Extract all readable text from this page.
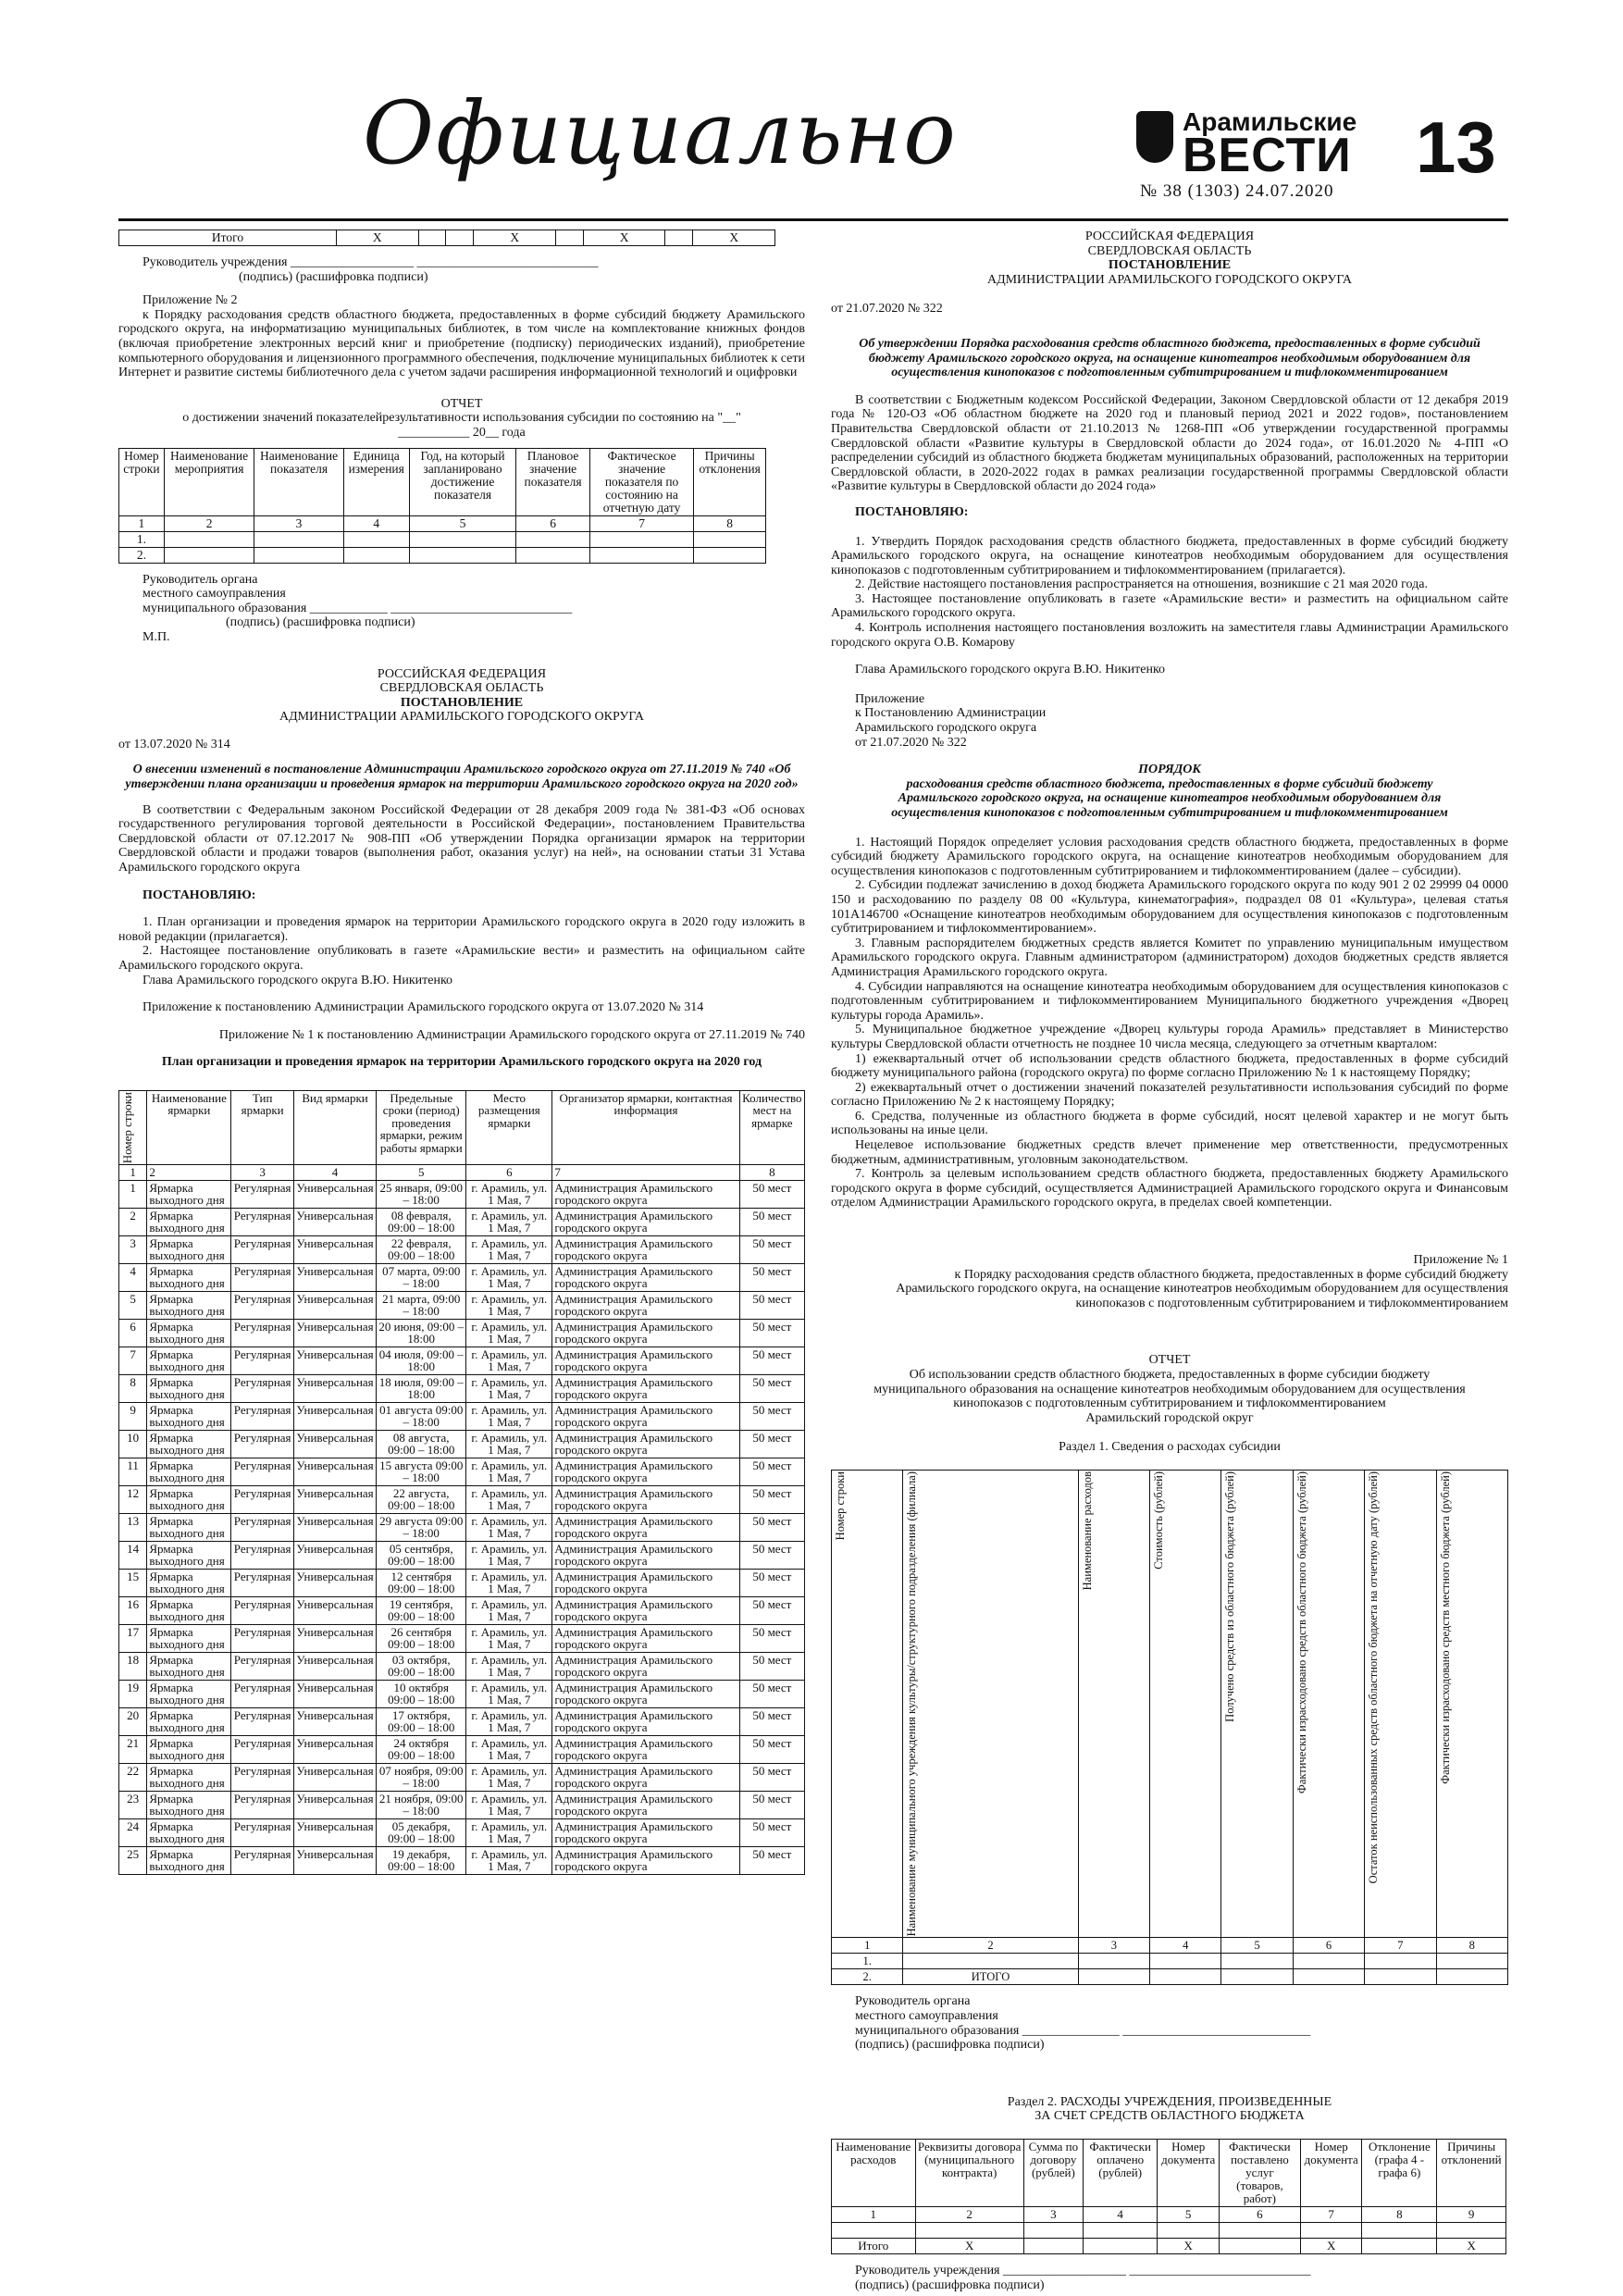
Официально	Арамильские
ВЕСТИ
№ 38 (1303) 24.07.2020
13
Итого	X			X		X		X

Руководитель учреждения ___________________ ____________________________

(подпись) (расшифровка подписи)

Приложение № 2

к Порядку расходования средств областного бюджета, предоставленных в форме субсидий бюджету Арамильского городского округа, на информатизацию муниципальных библиотек, в том числе на комплектование книжных фондов (включая приобретение электронных версий книг и приобретение (подписку) периодических изданий), приобретение компьютерного оборудования и лицензионного программного обеспечения, подключение муниципальных библиотек к сети Интернет и развитие системы библиотечного дела с учетом задачи расширения информационной технологий и оцифровки

ОТЧЕТ

о достижении значений показателейрезультативности использования субсидии по состоянию на "__"

___________ 20__ года

Номер строки	Наименование мероприятия	Наименование показателя	Единица измерения	Год, на который запланировано достижение показателя	Плановое значение показателя	Фактическое значение показателя по состоянию на отчетную дату	Причины отклонения
1	2	3	4	5	6	7	8
1.							
2.							

Руководитель органа

местного самоуправления

муниципального образования ____________ ____________________________

(подпись) (расшифровка подписи)

М.П.

РОССИЙСКАЯ ФЕДЕРАЦИЯ

СВЕРДЛОВСКАЯ ОБЛАСТЬ

ПОСТАНОВЛЕНИЕ

АДМИНИСТРАЦИИ АРАМИЛЬСКОГО ГОРОДСКОГО ОКРУГА

от 13.07.2020 № 314

О внесении изменений в постановление Администрации Арамильского городского округа от 27.11.2019 № 740 «Об утверждении плана организации и проведения ярмарок на территории Арамильского городского округа на 2020 год»

В соответствии с Федеральным законом Российской Федерации от 28 декабря 2009 года № 381-ФЗ «Об основах государственного регулирования торговой деятельности в Российской Федерации», постановлением Правительства Свердловской области от 07.12.2017№ 908-ПП «Об утверждении Порядка организации ярмарок на территории Свердловской области и продажи товаров (выполнения работ, оказания услуг) на ней», на основании статьи 31 Устава Арамильского городского округа

ПОСТАНОВЛЯЮ:

1. План организации и проведения ярмарок на территории Арамильского городского округа в 2020 году изложить в новой редакции (прилагается).

2. Настоящее постановление опубликовать в газете «Арамильские вести» и разместить на официальном сайте Арамильского городского округа.

Глава Арамильского городского округа В.Ю. Никитенко

Приложение к постановлению Администрации Арамильского городского округа от 13.07.2020 № 314

Приложение № 1 к постановлению Администрации Арамильского городского округа от 27.11.2019 № 740

План организации и проведения ярмарок на территории Арамильского городского округа на 2020 год

Номер строки	Наименование ярмарки	Тип ярмарки	Вид ярмарки	Предельные сроки (период) проведения ярмарки, режим работы ярмарки	Место размещения ярмарки	Организатор ярмарки, контактная информация	Количество мест на ярмарке
1	2	3	4	5	6	7	8
1	Ярмарка выходного дня	Регулярная	Универсальная	25 января, 09:00 – 18:00	г. Арамиль, ул. 1 Мая, 7	Администрация Арамильского городского округа	50 мест
2	Ярмарка выходного дня	Регулярная	Универсальная	08 февраля, 09:00 – 18:00	г. Арамиль, ул. 1 Мая, 7	Администрация Арамильского городского округа	50 мест
3	Ярмарка выходного дня	Регулярная	Универсальная	22 февраля, 09:00 – 18:00	г. Арамиль, ул. 1 Мая, 7	Администрация Арамильского городского округа	50 мест
4	Ярмарка выходного дня	Регулярная	Универсальная	07 марта, 09:00 – 18:00	г. Арамиль, ул. 1 Мая, 7	Администрация Арамильского городского округа	50 мест
5	Ярмарка выходного дня	Регулярная	Универсальная	21 марта, 09:00 – 18:00	г. Арамиль, ул. 1 Мая, 7	Администрация Арамильского городского округа	50 мест
6	Ярмарка выходного дня	Регулярная	Универсальная	20 июня, 09:00 – 18:00	г. Арамиль, ул. 1 Мая, 7	Администрация Арамильского городского округа	50 мест
7	Ярмарка выходного дня	Регулярная	Универсальная	04 июля, 09:00 – 18:00	г. Арамиль, ул. 1 Мая, 7	Администрация Арамильского городского округа	50 мест
8	Ярмарка выходного дня	Регулярная	Универсальная	18 июля, 09:00 – 18:00	г. Арамиль, ул. 1 Мая, 7	Администрация Арамильского городского округа	50 мест
9	Ярмарка выходного дня	Регулярная	Универсальная	01 августа 09:00 – 18:00	г. Арамиль, ул. 1 Мая, 7	Администрация Арамильского городского округа	50 мест
10	Ярмарка выходного дня	Регулярная	Универсальная	08 августа, 09:00 – 18:00	г. Арамиль, ул. 1 Мая, 7	Администрация Арамильского городского округа	50 мест
11	Ярмарка выходного дня	Регулярная	Универсальная	15 августа 09:00 – 18:00	г. Арамиль, ул. 1 Мая, 7	Администрация Арамильского городского округа	50 мест
12	Ярмарка выходного дня	Регулярная	Универсальная	22 августа, 09:00 – 18:00	г. Арамиль, ул. 1 Мая, 7	Администрация Арамильского городского округа	50 мест
13	Ярмарка выходного дня	Регулярная	Универсальная	29 августа 09:00 – 18:00	г. Арамиль, ул. 1 Мая, 7	Администрация Арамильского городского округа	50 мест
14	Ярмарка выходного дня	Регулярная	Универсальная	05 сентября, 09:00 – 18:00	г. Арамиль, ул. 1 Мая, 7	Администрация Арамильского городского округа	50 мест
15	Ярмарка выходного дня	Регулярная	Универсальная	12 сентября 09:00 – 18:00	г. Арамиль, ул. 1 Мая, 7	Администрация Арамильского городского округа	50 мест
16	Ярмарка выходного дня	Регулярная	Универсальная	19 сентября, 09:00 – 18:00	г. Арамиль, ул. 1 Мая, 7	Администрация Арамильского городского округа	50 мест
17	Ярмарка выходного дня	Регулярная	Универсальная	26 сентября 09:00 – 18:00	г. Арамиль, ул. 1 Мая, 7	Администрация Арамильского городского округа	50 мест
18	Ярмарка выходного дня	Регулярная	Универсальная	03 октября, 09:00 – 18:00	г. Арамиль, ул. 1 Мая, 7	Администрация Арамильского городского округа	50 мест
19	Ярмарка выходного дня	Регулярная	Универсальная	10 октября 09:00 – 18:00	г. Арамиль, ул. 1 Мая, 7	Администрация Арамильского городского округа	50 мест
20	Ярмарка выходного дня	Регулярная	Универсальная	17 октября, 09:00 – 18:00	г. Арамиль, ул. 1 Мая, 7	Администрация Арамильского городского округа	50 мест
21	Ярмарка выходного дня	Регулярная	Универсальная	24 октября 09:00 – 18:00	г. Арамиль, ул. 1 Мая, 7	Администрация Арамильского городского округа	50 мест
22	Ярмарка выходного дня	Регулярная	Универсальная	07 ноября, 09:00 – 18:00	г. Арамиль, ул. 1 Мая, 7	Администрация Арамильского городского округа	50 мест
23	Ярмарка выходного дня	Регулярная	Универсальная	21 ноября, 09:00 – 18:00	г. Арамиль, ул. 1 Мая, 7	Администрация Арамильского городского округа	50 мест
24	Ярмарка выходного дня	Регулярная	Универсальная	05 декабря, 09:00 – 18:00	г. Арамиль, ул. 1 Мая, 7	Администрация Арамильского городского округа	50 мест
25	Ярмарка выходного дня	Регулярная	Универсальная	19 декабря, 09:00 – 18:00	г. Арамиль, ул. 1 Мая, 7	Администрация Арамильского городского округа	50 мест

РОССИЙСКАЯ ФЕДЕРАЦИЯ

СВЕРДЛОВСКАЯ ОБЛАСТЬ

ПОСТАНОВЛЕНИЕ

АДМИНИСТРАЦИИ АРАМИЛЬСКОГО ГОРОДСКОГО ОКРУГА

от 21.07.2020 № 322

Об утверждении Порядка расходования средств областного бюджета, предоставленных в форме субсидий бюджету Арамильского городского округа, на оснащение кинотеатров необходимым оборудованием для осуществления кинопоказов с подготовленным субтитрированием и тифлокомментированием

В соответствии с Бюджетным кодексом Российской Федерации, Законом Свердловской области от 12 декабря 2019 года № 120-ОЗ «Об областном бюджете на 2020 год и плановый период 2021 и 2022 годов», постановлением Правительства Свердловской области от 21.10.2013 № 1268-ПП «Об утверждении государственной программы Свердловской области «Развитие культуры в Свердловской области до 2024 года», от 16.01.2020 № 4-ПП «О распределении субсидий из областного бюджета бюджетам муниципальных образований, расположенных на территории Свердловской области, в 2020-2022 годах в рамках реализации государственной программы Свердловской области «Развитие культуры в Свердловской области до 2024 года»

ПОСТАНОВЛЯЮ:

1. Утвердить Порядок расходования средств областного бюджета, предоставленных в форме субсидий бюджету Арамильского городского округа, на оснащение кинотеатров необходимым оборудованием для осуществления кинопоказов с подготовленным субтитрированием и тифлокомментированием (прилагается).

2. Действие настоящего постановления распространяется на отношения, возникшие с 21 мая 2020 года.

3. Настоящее постановление опубликовать в газете «Арамильские вести» и разместить на официальном сайте Арамильского городского округа.

4. Контроль исполнения настоящего постановления возложить на заместителя главы Администрации Арамильского городского округа О.В. Комарову

Глава Арамильского городского округа В.Ю. Никитенко

Приложение

к Постановлению Администрации

Арамильского городского округа

от 21.07.2020 № 322

ПОРЯДОК

расходования средств областного бюджета, предоставленных в форме субсидий бюджету Арамильского городского округа, на оснащение кинотеатров необходимым оборудованием для осуществления кинопоказов с подготовленным субтитрированием и тифлокомментированием

1. Настоящий Порядок определяет условия расходования средств областного бюджета, предоставленных в форме субсидий бюджету Арамильского городского округа, на оснащение кинотеатров необходимым оборудованием для осуществления кинопоказов с подготовленным субтитрированием и тифлокомментированием (далее – субсидии).

2. Субсидии подлежат зачислению в доход бюджета Арамильского городского округа по коду 901 2 02 29999 04 0000 150 и расходованию по разделу 08 00 «Культура, кинематография», подраздел 08 01 «Культура», целевая статья 101А146700 «Оснащение кинотеатров необходимым оборудованием для осуществления кинопоказов с подготовленным субтитрированием и тифлокомментированием».

3. Главным распорядителем бюджетных средств является Комитет по управлению муниципальным имуществом Арамильского городского округа. Главным администратором (администратором) доходов бюджетных средств является Администрация Арамильского городского округа.

4. Субсидии направляются на оснащение кинотеатра необходимым оборудованием для осуществления кинопоказов с подготовленным субтитрированием и тифлокомментированием Муниципального бюджетного учреждения «Дворец культуры города Арамиль».

5. Муниципальное бюджетное учреждение «Дворец культуры города Арамиль» представляет в Министерство культуры Свердловской области отчетность не позднее 10 числа месяца, следующего за отчетным кварталом:

1) ежеквартальный отчет об использовании средств областного бюджета, предоставленных в форме субсидий бюджету муниципального района (городского округа) по форме согласно Приложению № 1 к настоящему Порядку;

2) ежеквартальный отчет о достижении значений показателей результативности использования субсидий по форме согласно Приложению № 2 к настоящему Порядку;

6. Средства, полученные из областного бюджета в форме субсидий, носят целевой характер и не могут быть использованы на иные цели.

Нецелевое использование бюджетных средств влечет применение мер ответственности, предусмотренных бюджетным, административным, уголовным законодательством.

7. Контроль за целевым использованием средств областного бюджета, предоставленных бюджету Арамильского городского округа в форме субсидий, осуществляется Администрацией Арамильского городского округа и Финансовым отделом Администрации Арамильского городского округа, в пределах своей компетенции.

Приложение № 1

к Порядку расходования средств областного бюджета, предоставленных в форме субсидий бюджету Арамильского городского округа, на оснащение кинотеатров необходимым оборудованием для осуществления кинопоказов с подготовленным субтитрированием и тифлокомментированием

ОТЧЕТ

Об использовании средств областного бюджета, предоставленных в форме субсидии бюджету муниципального образования на оснащение кинотеатров необходимым оборудованием для осуществления кинопоказов с подготовленным субтитрированием и тифлокомментированием

Арамильский городской округ

Раздел 1. Сведения о расходах субсидии

Номер строки	Наименование муниципального учреждения культуры/структурного подразделения (филиала)	Наименование расходов	Стоимость (рублей)	Получено средств из областного бюджета (рублей)	Фактически израсходовано средств областного бюджета (рублей)	Остаток неиспользованных средств областного бюджета на отчетную дату (рублей)	Фактически израсходовано средств местного бюджета (рублей)

1	2	3	4	5	6	7	8
1.							
2.	ИТОГО						

Руководитель органа

местного самоуправления

муниципального образования _______________ _____________________________

(подпись) (расшифровка подписи)

Раздел 2. РАСХОДЫ УЧРЕЖДЕНИЯ, ПРОИЗВЕДЕННЫЕ

ЗА СЧЕТ СРЕДСТВ ОБЛАСТНОГО БЮДЖЕТА

Наименование расходов	Реквизиты договора (муниципального контракта)	Сумма по договору (рублей)	Фактически оплачено (рублей)	Номер документа	Фактически поставлено услуг (товаров, работ)	Номер документа	Отклонение (графа 4 - графа 6)	Причины отклонений
1	2	3	4	5	6	7	8	9

Итого	X			X		X		X

Руководитель учреждения ___________________ ____________________________

(подпись) (расшифровка подписи)
